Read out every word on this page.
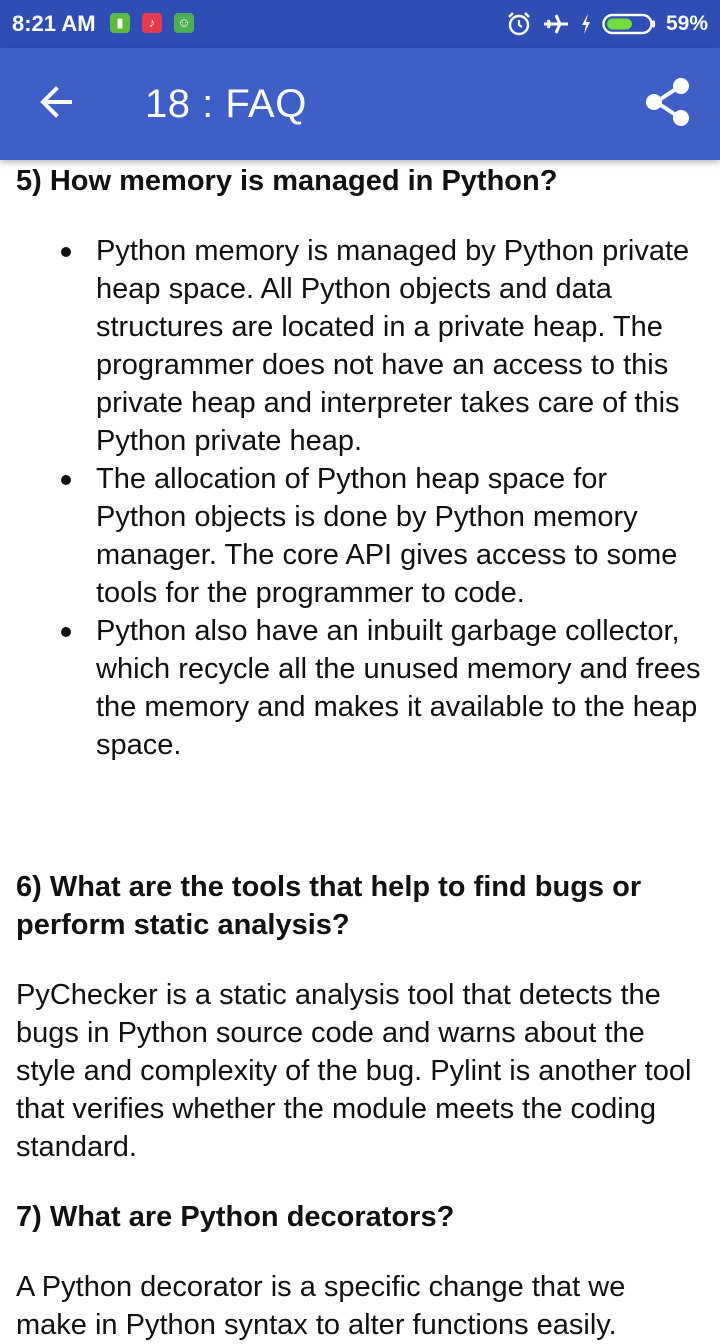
8:21 AM	▮	♪	☺	59%
18 : FAQ
5) How memory is managed in Python?
Python memory is managed by Python private heap space. All Python objects and data structures are located in a private heap. The programmer does not have an access to this private heap and interpreter takes care of this Python private heap.
The allocation of Python heap space for Python objects is done by Python memory manager. The core API gives access to some tools for the programmer to code.
Python also have an inbuilt garbage collector, which recycle all the unused memory and frees the memory and makes it available to the heap space.
6) What are the tools that help to find bugs or perform static analysis?

PyChecker is a static analysis tool that detects the bugs in Python source code and warns about the style and complexity of the bug. Pylint is another tool that verifies whether the module meets the coding standard.

7) What are Python decorators?

A Python decorator is a specific change that we make in Python syntax to alter functions easily.
